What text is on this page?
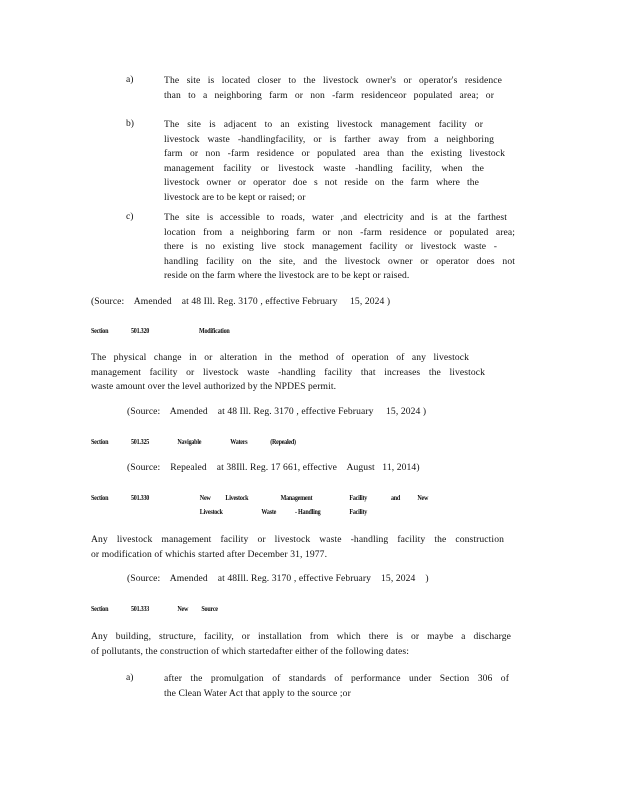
a)	The site is located closer to the livestock owner's or operator's residence
than to a neighboring farm or non -farm residenceor populated area; or
b)	The site is adjacent to an existing livestock management facility or
livestock waste -handlingfacility, or is farther away from a neighboring
farm or non -farm residence or populated area than the existing livestock
management facility or livestock waste -handling facility, when the
livestock owner or operator doe s not reside on the farm where the
livestock are to be kept or raised; or
c)	The site is accessible to roads, water ,and electricity and is at the farthest
location from a neighboring farm or non -farm residence or populated area;
there is no existing live stock management facility or livestock waste -
handling facility on the site, and the livestock owner or operator does not
reside on the farm where the livestock are to be kept or raised.
(Source:    Amended    at 48 Ill. Reg. 3170 , effective February     15, 2024 )
Section	501.320	Modification
The physical change in or alteration in the method of operation of any livestock
management facility or livestock waste -handling facility that increases the livestock
waste amount over the level authorized by the NPDES permit.
(Source:    Amended    at 48 Ill. Reg. 3170 , effective February     15, 2024 )
Section	501.325	Navigable	Waters	(Repealed)
(Source:    Repealed    at 38Ill. Reg. 17 661, effective    August   11, 2014)
Section	501.330	New Livestock	Management	Facility	and New
Livestock	Waste - Handling	Facility
Any livestock management facility or livestock waste -handling facility the construction
or modification of whichis started after December 31, 1977.
(Source:    Amended    at 48Ill. Reg. 3170 , effective February    15, 2024    )
Section	501.333	New Source
Any building, structure, facility, or installation from which there is or maybe a discharge
of pollutants, the construction of which startedafter either of the following dates:
a)	after the promulgation of standards of performance under Section 306 of
the Clean Water Act that apply to the source ;or
